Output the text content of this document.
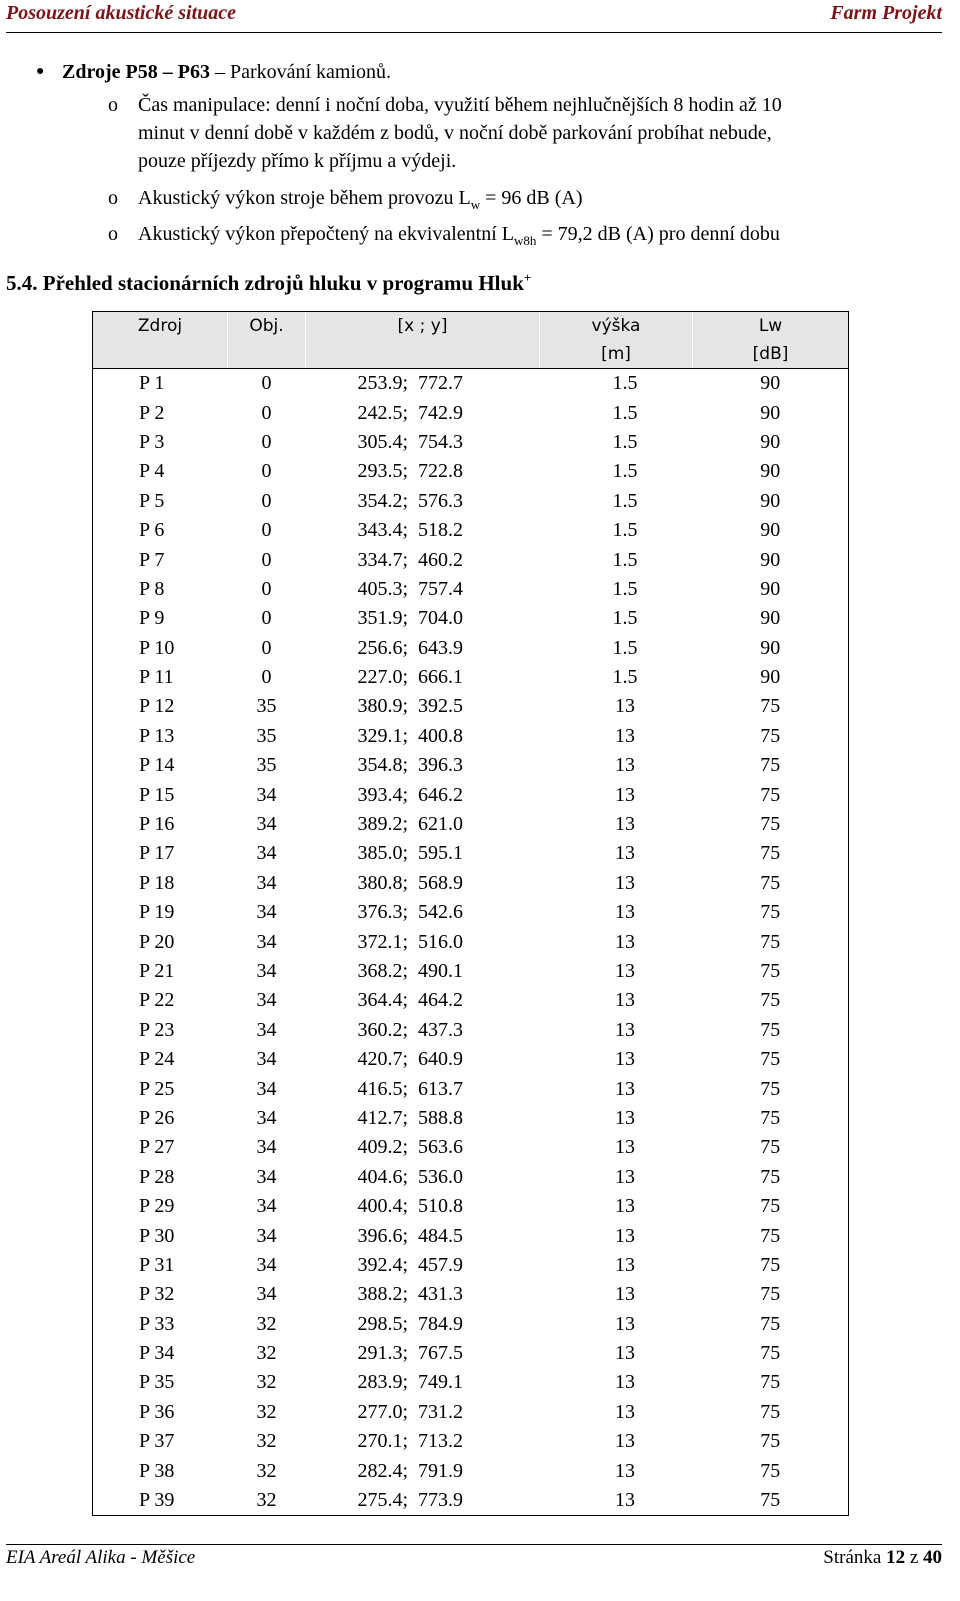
Posouzení akustické situace	Farm Projekt
● Zdroje P58 – P63 – Parkování kamionů.
o Čas manipulace: denní i noční doba, využití během nejhlučnějších 8 hodin až 10
minut v denní době v každém z bodů, v noční době parkování probíhat nebude,
pouze příjezdy přímo k příjmu a výdeji.
o Akustický výkon stroje během provozu $L_w = 96$ dB (A)
o Akustický výkon přepočtený na ekvivalentní $L_{w8h} = 79,2$ dB (A) pro denní dobu
5.4. Přehled stacionárních zdrojů hluku v programu Hluk+
Zdroj	Obj.	[x ; y]	výška	Lw
			[m]	[dB]
P 1	0	253.9;  772.7	1.5	90
P 2	0	242.5;  742.9	1.5	90
P 3	0	305.4;  754.3	1.5	90
P 4	0	293.5;  722.8	1.5	90
P 5	0	354.2;  576.3	1.5	90
P 6	0	343.4;  518.2	1.5	90
P 7	0	334.7;  460.2	1.5	90
P 8	0	405.3;  757.4	1.5	90
P 9	0	351.9;  704.0	1.5	90
P 10	0	256.6;  643.9	1.5	90
P 11	0	227.0;  666.1	1.5	90
P 12	35	380.9;  392.5	13	75
P 13	35	329.1;  400.8	13	75
P 14	35	354.8;  396.3	13	75
P 15	34	393.4;  646.2	13	75
P 16	34	389.2;  621.0	13	75
P 17	34	385.0;  595.1	13	75
P 18	34	380.8;  568.9	13	75
P 19	34	376.3;  542.6	13	75
P 20	34	372.1;  516.0	13	75
P 21	34	368.2;  490.1	13	75
P 22	34	364.4;  464.2	13	75
P 23	34	360.2;  437.3	13	75
P 24	34	420.7;  640.9	13	75
P 25	34	416.5;  613.7	13	75
P 26	34	412.7;  588.8	13	75
P 27	34	409.2;  563.6	13	75
P 28	34	404.6;  536.0	13	75
P 29	34	400.4;  510.8	13	75
P 30	34	396.6;  484.5	13	75
P 31	34	392.4;  457.9	13	75
P 32	34	388.2;  431.3	13	75
P 33	32	298.5;  784.9	13	75
P 34	32	291.3;  767.5	13	75
P 35	32	283.9;  749.1	13	75
P 36	32	277.0;  731.2	13	75
P 37	32	270.1;  713.2	13	75
P 38	32	282.4;  791.9	13	75
P 39	32	275.4;  773.9	13	75
EIA Areál Alika - Měšice	Stránka 12 z 40
